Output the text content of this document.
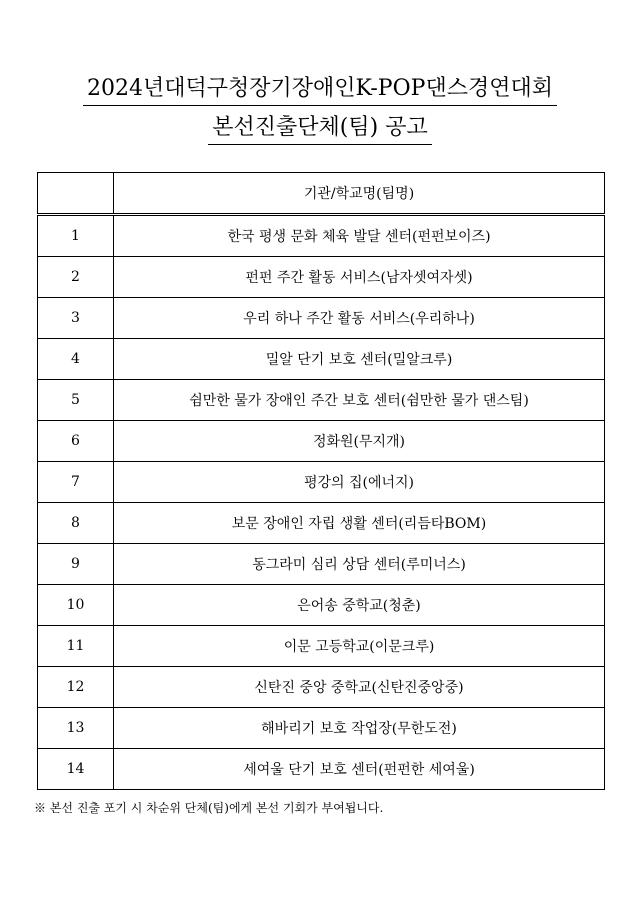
2024년대덕구청장기장애인K-POP댄스경연대회
본선진출단체(팀) 공고
	기관/학교명(팀명)
1	한국 평생 문화 체육 발달 센터(펀펀보이즈)
2	펀펀 주간 활동 서비스(남자셋여자셋)
3	우리 하나 주간 활동 서비스(우리하나)
4	밀알 단기 보호 센터(밀알크루)
5	쉼만한 물가 장애인 주간 보호 센터(쉼만한 물가 댄스팀)
6	정화원(무지개)
7	평강의 집(에너지)
8	보문 장애인 자립 생활 센터(리듬타BOM)
9	동그라미 심리 상담 센터(루미너스)
10	은어송 중학교(청춘)
11	이문 고등학교(이문크루)
12	신탄진 중앙 중학교(신탄진중앙중)
13	해바리기 보호 작업장(무한도전)
14	세여울 단기 보호 센터(펀펀한 세여울)
※ 본선 진출 포기 시 차순위 단체(팀)에게 본선 기회가 부여됩니다.
